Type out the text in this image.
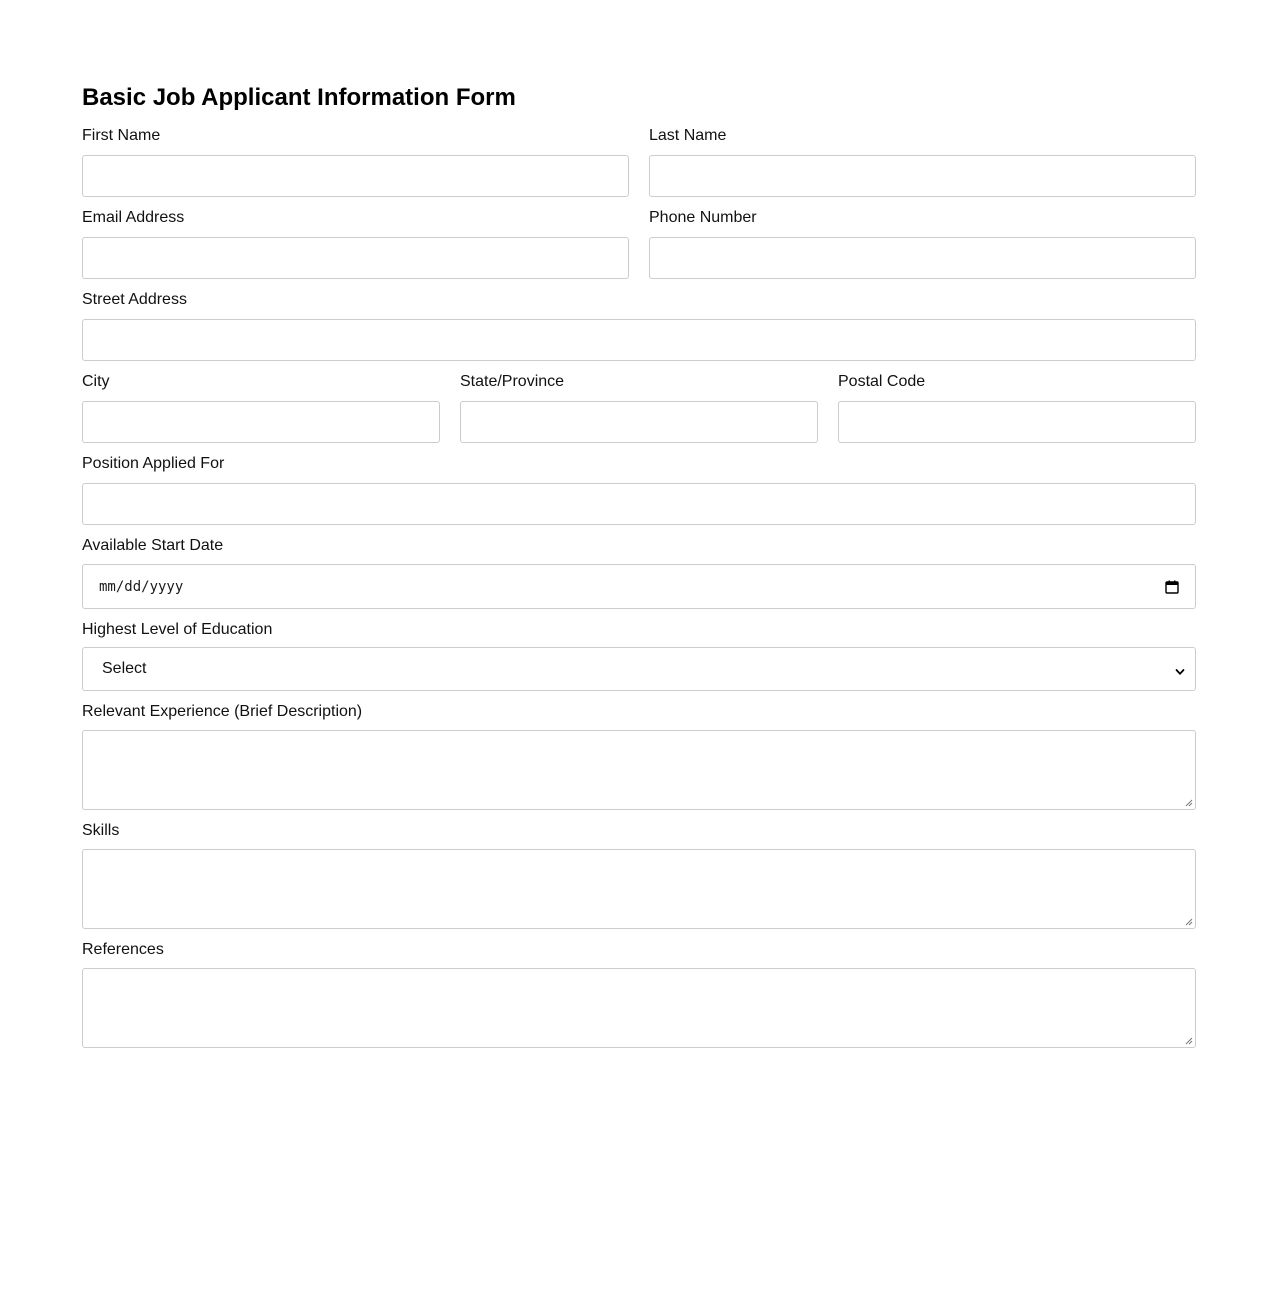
Basic Job Applicant Information Form
First Name	Last Name
Email Address	Phone Number
Street Address
City	State/Province	Postal Code
Position Applied For
Available Start Date
mm/dd/yyyy
Highest Level of Education
Select
Relevant Experience (Brief Description)
Skills
References
